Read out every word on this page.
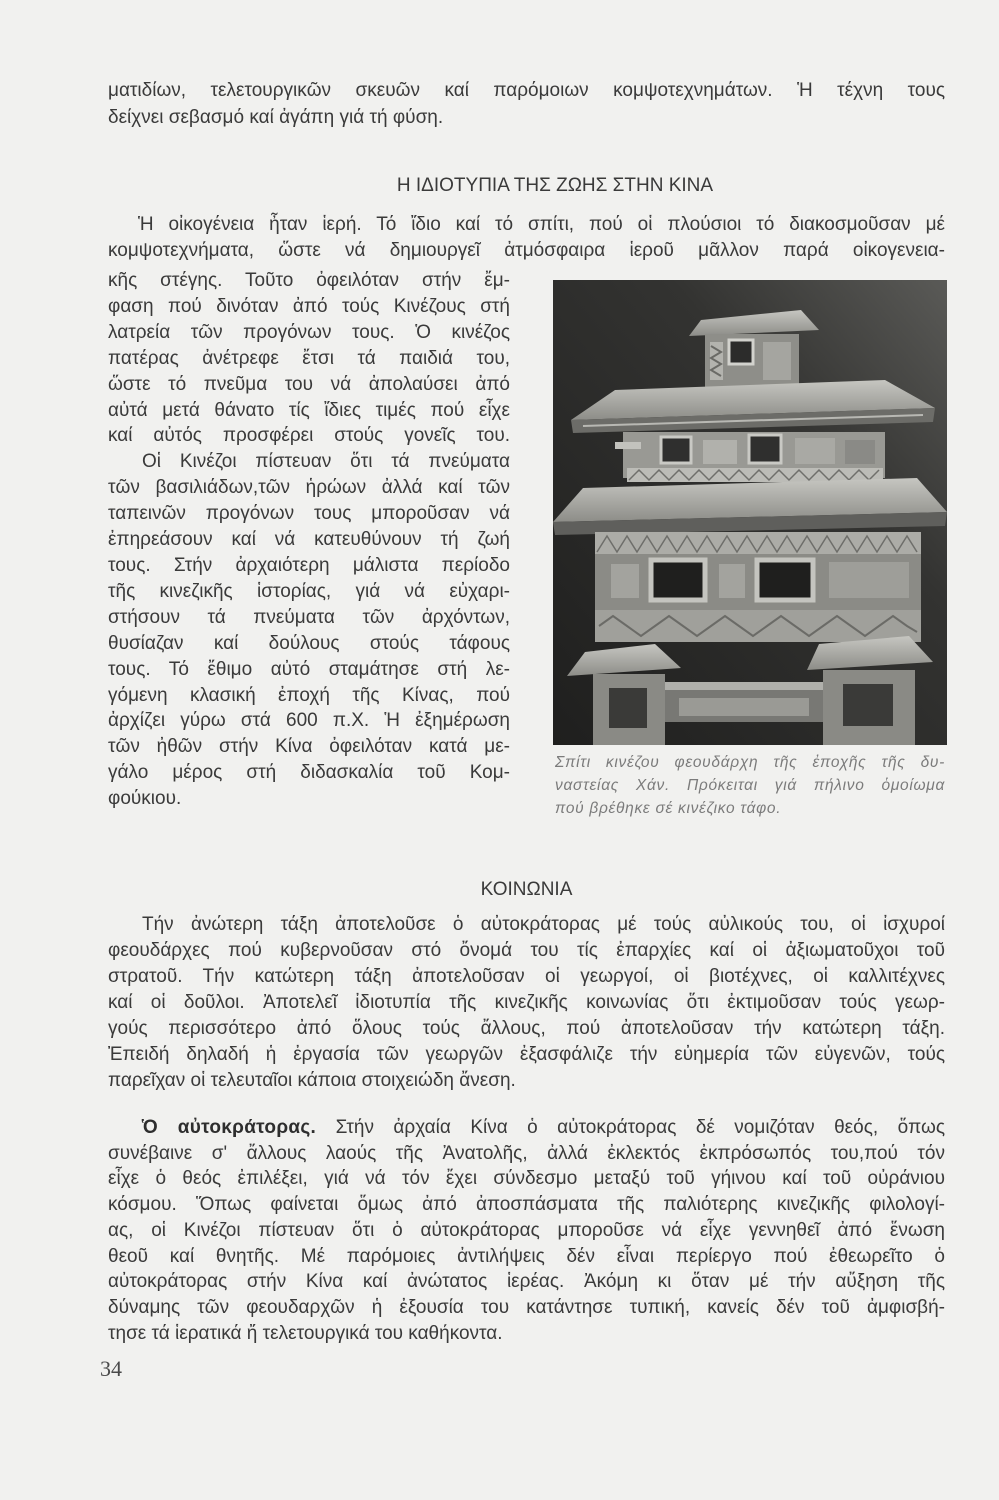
ματιδίων, τελετουργικῶν σκευῶν καί παρόμοιων κομψοτεχνημάτων. Ἡ τέχνη τους
δείχνει σεβασμό καί ἀγάπη γιά τή φύση.
Η ΙΔΙΟΤΥΠΙΑ ΤΗΣ ΖΩΗΣ ΣΤΗΝ ΚΙΝΑ
Ἡ οἰκογένεια ἦταν ἱερή. Τό ἴδιο καί τό σπίτι, πού οἱ πλούσιοι τό διακοσμοῦσαν μέ
κομψοτεχνήματα, ὥστε νά δημιουργεῖ ἀτμόσφαιρα ἱεροῦ μᾶλλον παρά οἰκογενεια-
κῆς στέγης. Τοῦτο ὀφειλόταν στήν ἔμ-
φαση πού δινόταν ἀπό τούς Κινέζους στή
λατρεία τῶν προγόνων τους. Ὁ κινέζος
πατέρας ἀνέτρεφε ἔτσι τά παιδιά του,
ὥστε τό πνεῦμα του νά ἀπολαύσει ἀπό
αὐτά μετά θάνατο τίς ἴδιες τιμές πού εἶχε
καί αὐτός προσφέρει στούς γονεῖς του.
Οἱ Κινέζοι πίστευαν ὅτι τά πνεύματα
τῶν βασιλιάδων,τῶν ἡρώων ἀλλά καί τῶν
ταπεινῶν προγόνων τους μποροῦσαν νά
ἐπηρεάσουν καί νά κατευθύνουν τή ζωή
τους. Στήν ἀρχαιότερη μάλιστα περίοδο
τῆς κινεζικῆς ἱστορίας, γιά νά εὐχαρι-
στήσουν τά πνεύματα τῶν ἀρχόντων,
θυσίαζαν καί δούλους στούς τάφους
τους. Τό ἔθιμο αὐτό σταμάτησε στή λε-
γόμενη κλασική ἐποχή τῆς Κίνας, πού
ἀρχίζει γύρω στά 600 π.Χ. Ἡ ἐξημέρωση
τῶν ἠθῶν στήν Κίνα ὀφειλόταν κατά με-
γάλο μέρος στή διδασκαλία τοῦ Κομ-
φούκιου.
Σπίτι κινέζου φεουδάρχη τῆς ἐποχῆς τῆς δυ-
ναστείας Χάν. Πρόκειται γιά πήλινο ὁμοίωμα
πού βρέθηκε σέ κινέζικο τάφο.
ΚΟΙΝΩΝΙΑ
Τήν ἀνώτερη τάξη ἀποτελοῦσε ὁ αὐτοκράτορας μέ τούς αὐλικούς του, οἱ ἰσχυροί
φεουδάρχες πού κυβερνοῦσαν στό ὄνομά του τίς ἐπαρχίες καί οἱ ἀξιωματοῦχοι τοῦ
στρατοῦ. Τήν κατώτερη τάξη ἀποτελοῦσαν οἱ γεωργοί, οἱ βιοτέχνες, οἱ καλλιτέχνες
καί οἱ δοῦλοι. Ἀποτελεῖ ἰδιοτυπία τῆς κινεζικῆς κοινωνίας ὅτι ἐκτιμοῦσαν τούς γεωρ-
γούς περισσότερο ἀπό ὅλους τούς ἄλλους, πού ἀποτελοῦσαν τήν κατώτερη τάξη.
Ἐπειδή δηλαδή ἡ ἐργασία τῶν γεωργῶν ἐξασφάλιζε τήν εὐημερία τῶν εὐγενῶν, τούς
παρεῖχαν οἱ τελευταῖοι κάποια στοιχειώδη ἄνεση.
Ὁ αὐτοκράτορας. Στήν ἀρχαία Κίνα ὁ αὐτοκράτορας δέ νομιζόταν θεός, ὅπως
συνέβαινε σ' ἄλλους λαούς τῆς Ἀνατολῆς, ἀλλά ἐκλεκτός ἐκπρόσωπός του,πού τόν
εἶχε ὁ θεός ἐπιλέξει, γιά νά τόν ἔχει σύνδεσμο μεταξύ τοῦ γήινου καί τοῦ οὐράνιου
κόσμου. Ὅπως φαίνεται ὅμως ἀπό ἀποσπάσματα τῆς παλιότερης κινεζικῆς φιλολογί-
ας, οἱ Κινέζοι πίστευαν ὅτι ὁ αὐτοκράτορας μποροῦσε νά εἶχε γεννηθεῖ ἀπό ἕνωση
θεοῦ καί θνητῆς. Μέ παρόμοιες ἀντιλήψεις δέν εἶναι περίεργο πού ἐθεωρεῖτο ὁ
αὐτοκράτορας στήν Κίνα καί ἀνώτατος ἱερέας. Ἀκόμη κι ὅταν μέ τήν αὔξηση τῆς
δύναμης τῶν φεουδαρχῶν ἡ ἐξουσία του κατάντησε τυπική, κανείς δέν τοῦ ἀμφισβή-
τησε τά ἱερατικά ἤ τελετουργικά του καθήκοντα.
34
